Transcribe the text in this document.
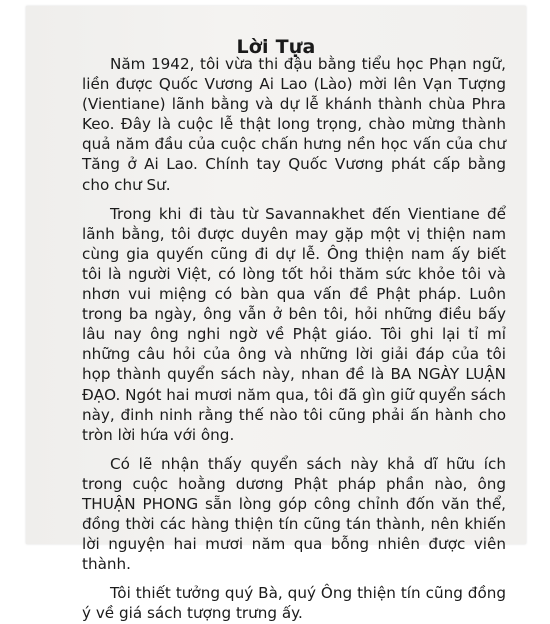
Lời Tựa

Năm 1942, tôi vừa thi đậu bằng tiểu học Phạn ngữ, liền được Quốc Vương Ai Lao (Lào) mời lên Vạn Tượng (Vientiane) lãnh bằng và dự lễ khánh thành chùa Phra Keo. Đây là cuộc lễ thật long trọng, chào mừng thành quả năm đầu của cuộc chấn hưng nền học vấn của chư Tăng ở Ai Lao. Chính tay Quốc Vương phát cấp bằng cho chư Sư.

Trong khi đi tàu từ Savannakhet đến Vientiane để lãnh bằng, tôi được duyên may gặp một vị thiện nam cùng gia quyến cũng đi dự lễ. Ông thiện nam ấy biết tôi là người Việt, có lòng tốt hỏi thăm sức khỏe tôi và nhơn vui miệng có bàn qua vấn đề Phật pháp. Luôn trong ba ngày, ông vẫn ở bên tôi, hỏi những điều bấy lâu nay ông nghi ngờ về Phật giáo. Tôi ghi lại tỉ mỉ những câu hỏi của ông và những lời giải đáp của tôi họp thành quyển sách này, nhan đề là BA NGÀY LUẬN ĐẠO. Ngót hai mươi năm qua, tôi đã gìn giữ quyển sách này, đinh ninh rằng thế nào tôi cũng phải ấn hành cho tròn lời hứa với ông.

Có lẽ nhận thấy quyển sách này khả dĩ hữu ích trong cuộc hoằng dương Phật pháp phần nào, ông THUẬN PHONG sẵn lòng góp công chỉnh đốn văn thể, đồng thời các hàng thiện tín cũng tán thành, nên khiến lời nguyện hai mươi năm qua bỗng nhiên được viên thành.

Tôi thiết tưởng quý Bà, quý Ông thiện tín cũng đồng ý về giá sách tượng trưng ấy.
